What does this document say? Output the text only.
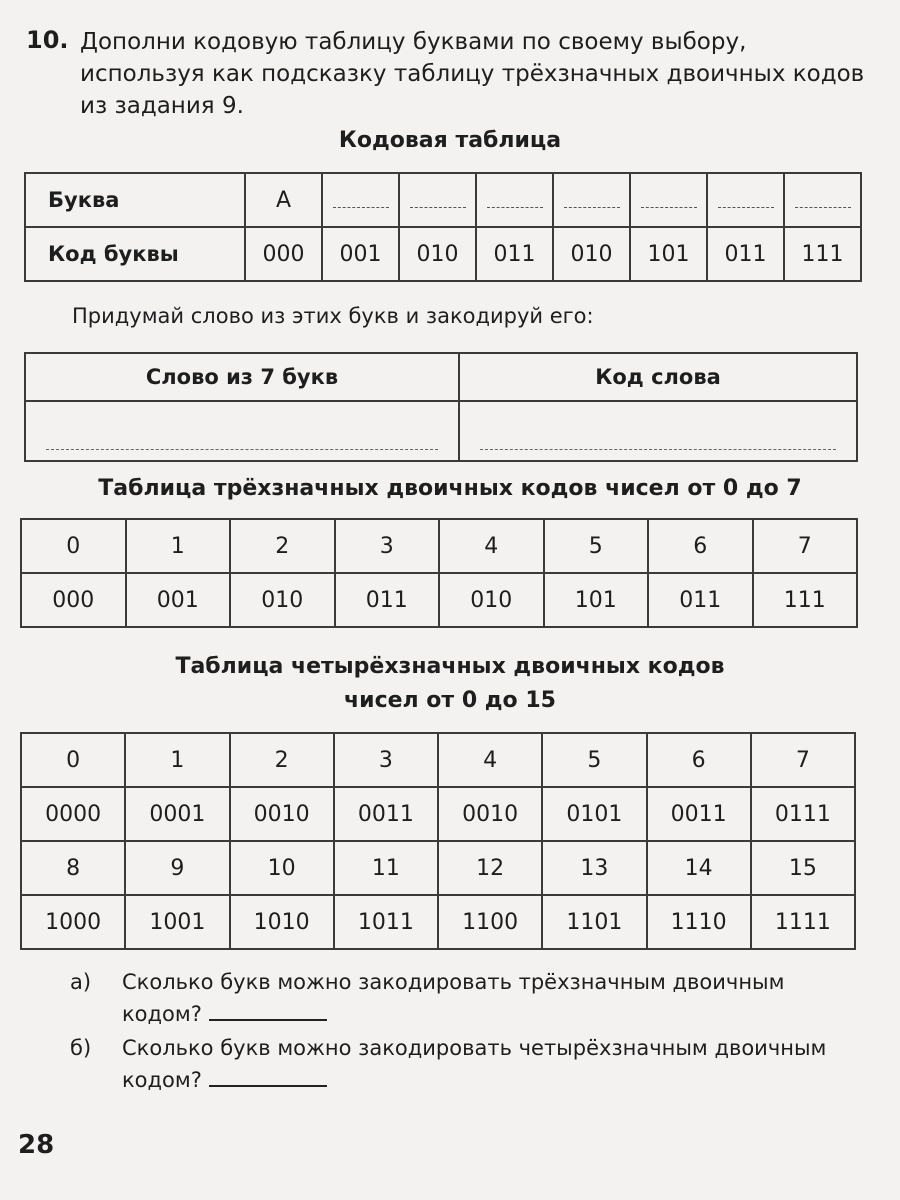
10. Дополни кодовую таблицу буквами по своему выбору, используя как подсказку таблицу трёхзначных двоичных кодов из задания 9.
Кодовая таблица
Буква	А							
Код буквы	000	001	010	011	010	101	011	111
Придумай слово из этих букв и закодируй его:
Слово из 7 букв	Код слова

Таблица трёхзначных двоичных кодов чисел от 0 до 7
0	1	2	3	4	5	6	7
000	001	010	011	010	101	011	111
Таблица четырёхзначных двоичных кодов
чисел от 0 до 15
0	1	2	3	4	5	6	7
0000	0001	0010	0011	0010	0101	0011	0111
8	9	10	11	12	13	14	15
1000	1001	1010	1011	1100	1101	1110	1111
а) Сколько букв можно закодировать трёхзначным двоичным кодом?
б) Сколько букв можно закодировать четырёхзначным двоичным кодом?
28
